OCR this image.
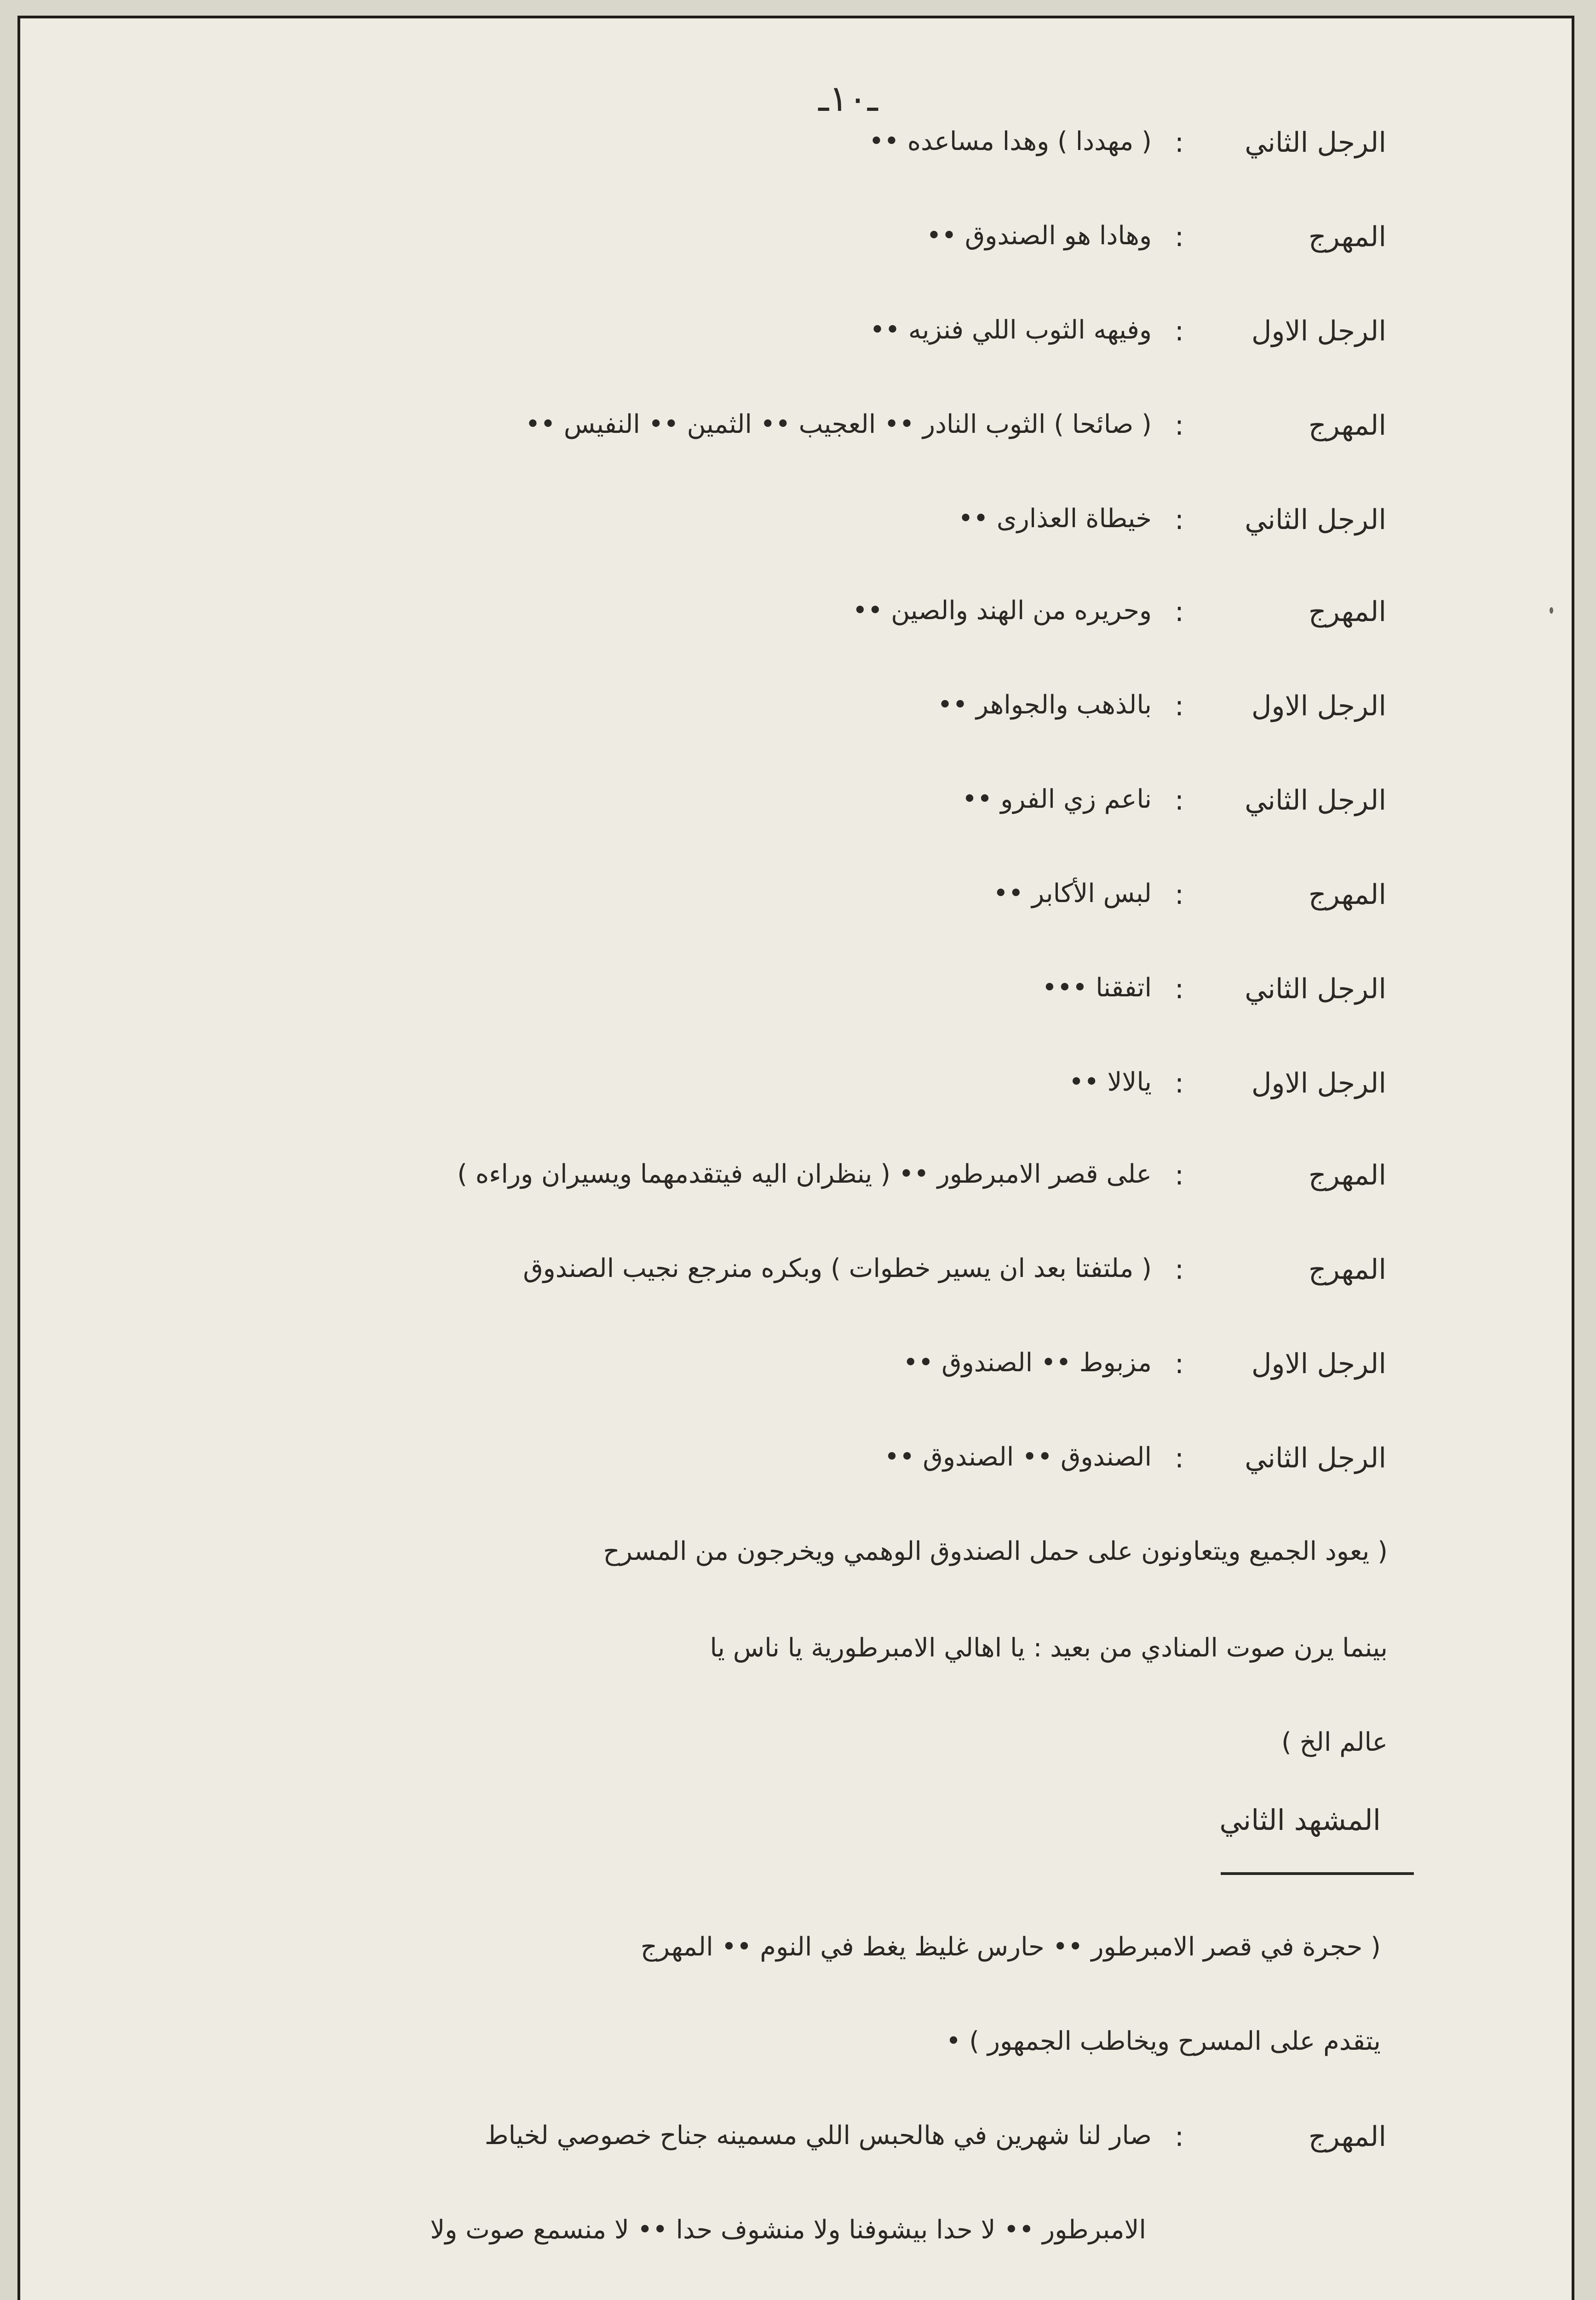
ـ١٠ـ
الرجل الثاني
:
( مهددا ) وهدا مساعده ••
المهرج
:
وهادا هو الصندوق ••
الرجل الاول
:
وفيهه الثوب اللي فنزيه ••
المهرج
:
( صائحا ) الثوب النادر •• العجيب •• الثمين •• النفيس ••
الرجل الثاني
:
خيطاة العذارى ••
المهرج
:
وحريره من الهند والصين ••
الرجل الاول
:
بالذهب والجواهر ••
الرجل الثاني
:
ناعم زي الفرو ••
المهرج
:
لبس الأكابر ••
الرجل الثاني
:
اتفقنا •••
الرجل الاول
:
يالالا ••
المهرج
:
على قصر الامبرطور •• ( ينظران اليه فيتقدمهما ويسيران وراءه )
المهرج
:
( ملتفتا بعد ان يسير خطوات ) وبكره منرجع نجيب الصندوق
الرجل الاول
:
مزبوط •• الصندوق ••
الرجل الثاني
:
الصندوق •• الصندوق ••
( يعود الجميع ويتعاونون على حمل الصندوق الوهمي ويخرجون من المسرح
بينما يرن صوت المنادي من بعيد : يا اهالي الامبرطورية يا ناس يا
عالم الخ )
المشهد الثاني
( حجرة في قصر الامبرطور •• حارس غليظ يغط في النوم •• المهرج
يتقدم على المسرح ويخاطب الجمهور ) •
المهرج
:
صار لنا شهرين في هالحبس اللي مسمينه جناح خصوصي لخياط
الامبرطور •• لا حدا بيشوفنا ولا منشوف حدا •• لا منسمع صوت ولا
